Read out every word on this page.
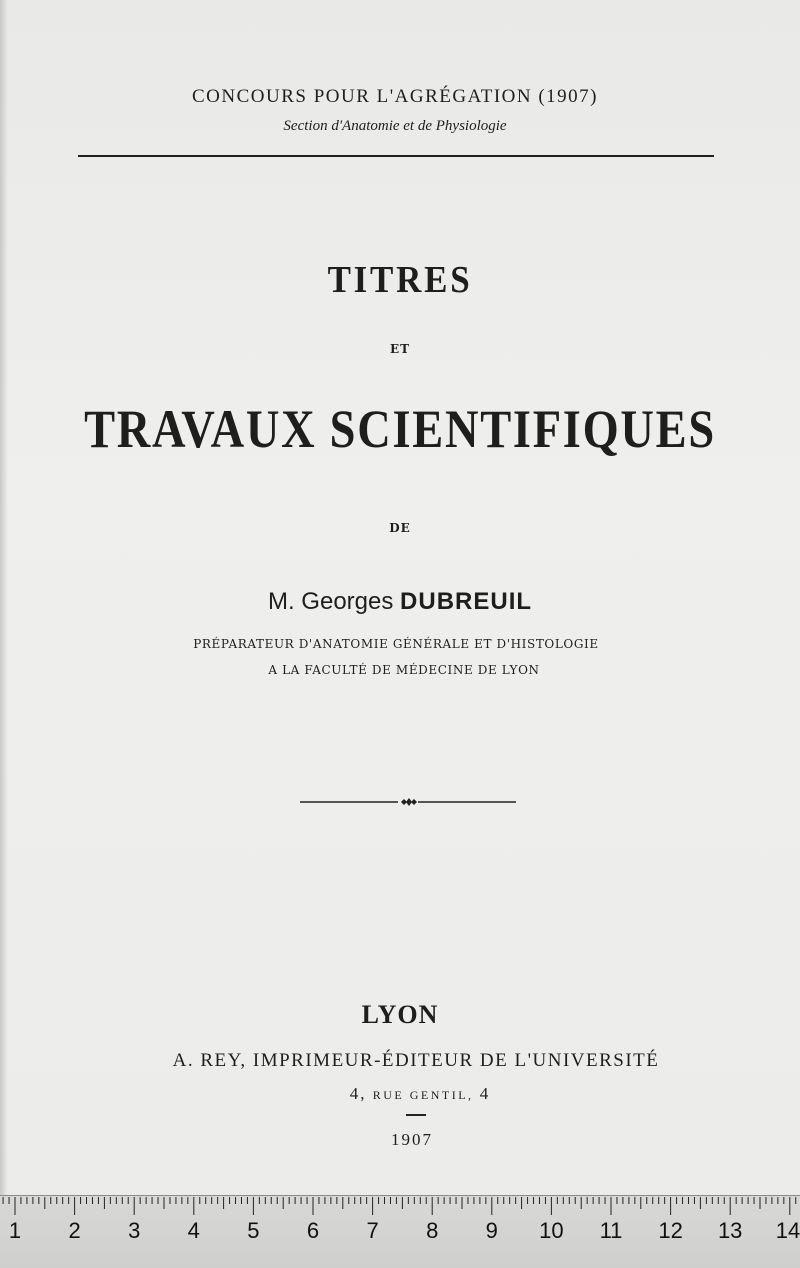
CONCOURS POUR L'AGRÉGATION (1907)
Section d'Anatomie et de Physiologie
TITRES
ET
TRAVAUX SCIENTIFIQUES
DE
M. Georges DUBREUIL
PRÉPARATEUR D'ANATOMIE GÉNÉRALE ET D'HISTOLOGIE
A LA FACULTÉ DE MÉDECINE DE LYON
LYON
A. REY, IMPRIMEUR-ÉDITEUR DE L'UNIVERSITÉ
4, RUE GENTIL, 4
1907
1 2 3 4 5 6 7 8 9 10 11 12 13 14
